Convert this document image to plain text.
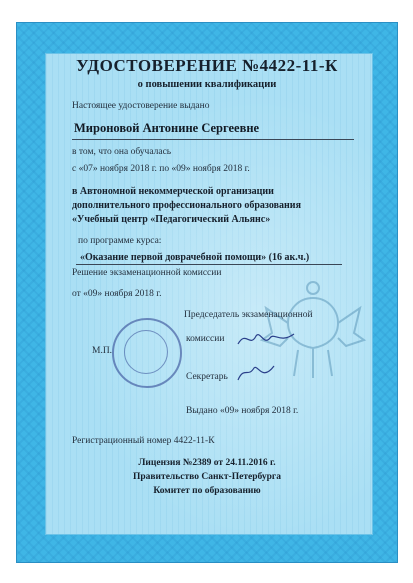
УДОСТОВЕРЕНИЕ №4422-11-К
о повышении квалификации
Настоящее удостоверение выдано
Мироновой Антонине Сергеевне
в том, что она обучалась
с «07» ноября 2018 г. по «09» ноября 2018 г.
в Автономной некоммерческой организации
дополнительного профессионального образования
«Учебный центр «Педагогический Альянс»
по программе курса:
«Оказание первой доврачебной помощи» (16 ак.ч.)
Решение экзаменационной комиссии
от «09» ноября 2018 г.
Председатель экзаменационной
комиссии
М.П.
Секретарь
Выдано «09» ноября 2018 г.
Регистрационный номер 4422-11-К
Лицензия №2389 от 24.11.2016 г.
Правительство Санкт-Петербурга
Комитет по образованию
